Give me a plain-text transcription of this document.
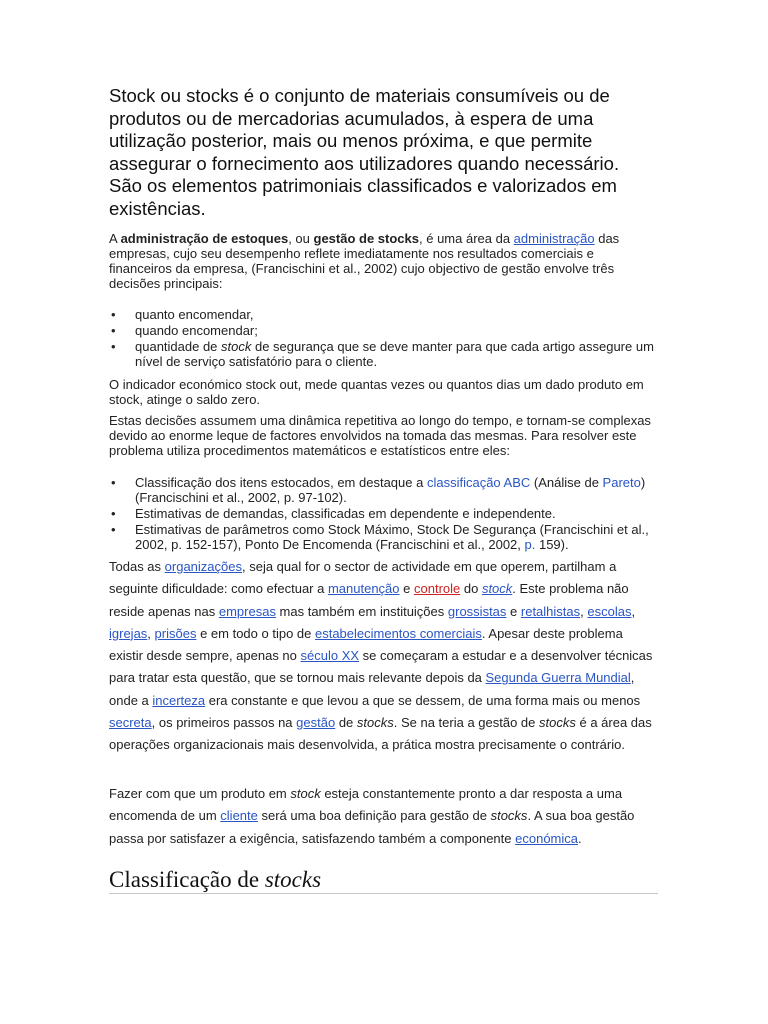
Stock ou stocks é o conjunto de materiais consumíveis ou de produtos ou de mercadorias acumulados, à espera de uma utilização posterior, mais ou menos próxima, e que permite assegurar o fornecimento aos utilizadores quando necessário. São os elementos patrimoniais classificados e valorizados em existências.

A administração de estoques, ou gestão de stocks, é uma área da administração das empresas, cujo seu desempenho reflete imediatamente nos resultados comerciais e financeiros da empresa, (Francischini et al., 2002) cujo objectivo de gestão envolve três decisões principais:

• quanto encomendar,
• quando encomendar;
• quantidade de stock de segurança que se deve manter para que cada artigo assegure um nível de serviço satisfatório para o cliente.

O indicador económico stock out, mede quantas vezes ou quantos dias um dado produto em stock, atinge o saldo zero.

Estas decisões assumem uma dinâmica repetitiva ao longo do tempo, e tornam-se complexas devido ao enorme leque de factores envolvidos na tomada das mesmas. Para resolver este problema utiliza procedimentos matemáticos e estatísticos entre eles:

• Classificação dos itens estocados, em destaque a classificação ABC (Análise de Pareto) (Francischini et al., 2002, p. 97-102).
• Estimativas de demandas, classificadas em dependente e independente.
• Estimativas de parâmetros como Stock Máximo, Stock De Segurança (Francischini et al., 2002, p. 152-157), Ponto De Encomenda (Francischini et al., 2002, p. 159).

Todas as organizações, seja qual for o sector de actividade em que operem, partilham a seguinte dificuldade: como efectuar a manutenção e controle do stock. Este problema não reside apenas nas empresas mas também em instituições grossistas e retalhistas, escolas, igrejas, prisões e em todo o tipo de estabelecimentos comerciais. Apesar deste problema existir desde sempre, apenas no século XX se começaram a estudar e a desenvolver técnicas para tratar esta questão, que se tornou mais relevante depois da Segunda Guerra Mundial, onde a incerteza era constante e que levou a que se dessem, de uma forma mais ou menos secreta, os primeiros passos na gestão de stocks. Se na teria a gestão de stocks é a área das operações organizacionais mais desenvolvida, a prática mostra precisamente o contrário.

Fazer com que um produto em stock esteja constantemente pronto a dar resposta a uma encomenda de um cliente será uma boa definição para gestão de stocks. A sua boa gestão passa por satisfazer a exigência, satisfazendo também a componente económica.

Classificação de stocks
